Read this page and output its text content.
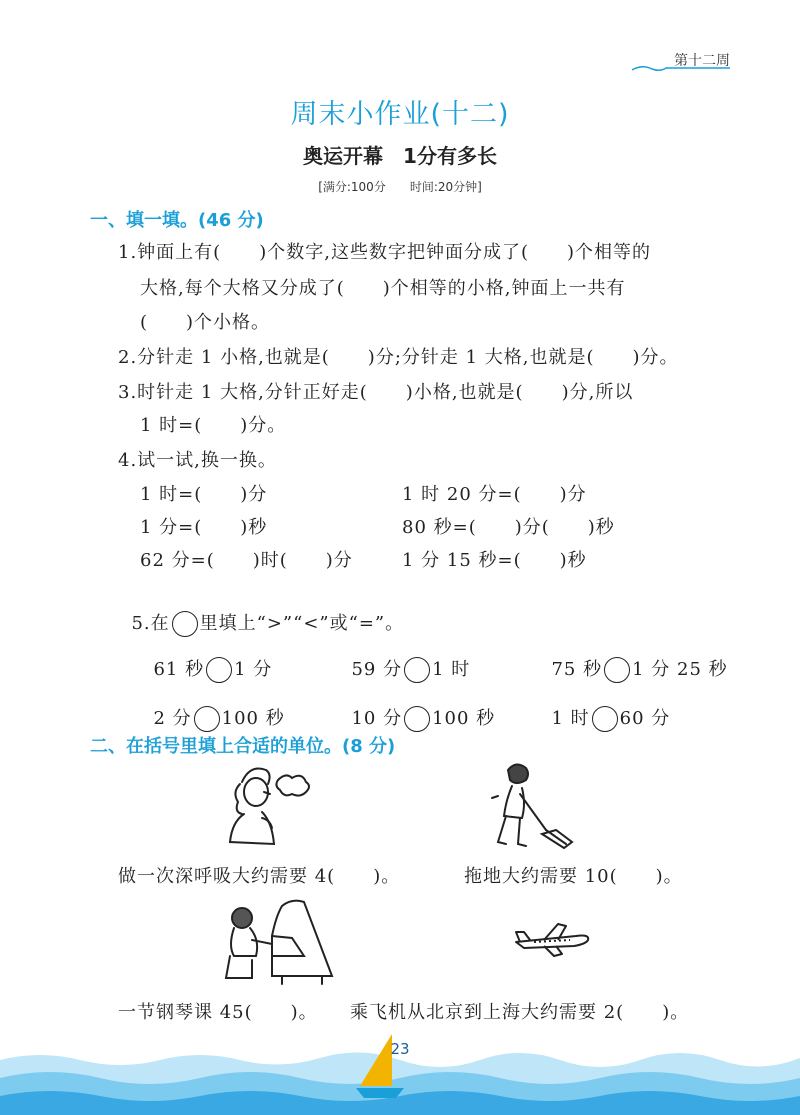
第十二周
周末小作业(十二)
奥运开幕　1分有多长
[满分:100分　　时间:20分钟]
一、填一填。(46 分)
1.钟面上有(　　)个数字,这些数字把钟面分成了(　　)个相等的
大格,每个大格又分成了(　　)个相等的小格,钟面上一共有
(　　)个小格。
2.分针走 1 小格,也就是(　　)分;分针走 1 大格,也就是(　　)分。
3.时针走 1 大格,分针正好走(　　)小格,也就是(　　)分,所以
1 时=(　　)分。
4.试一试,换一换。
1 时=(　　)分	1 时 20 分=(　　)分
1 分=(　　)秒	80 秒=(　　)分(　　)秒
62 分=(　　)时(　　)分	1 分 15 秒=(　　)秒

5.在 里填上“>”“<”或“=”。

61 秒 1 分	59 分 1 时	75 秒 1 分 25 秒

2 分 100 秒	10 分 100 秒	1 时 60 分

二、在括号里填上合适的单位。(8 分)
做一次深呼吸大约需要 4(　　)。	拖地大约需要 10(　　)。
一节钢琴课 45(　　)。 乘飞机从北京到上海大约需要 2(　　)。
23
